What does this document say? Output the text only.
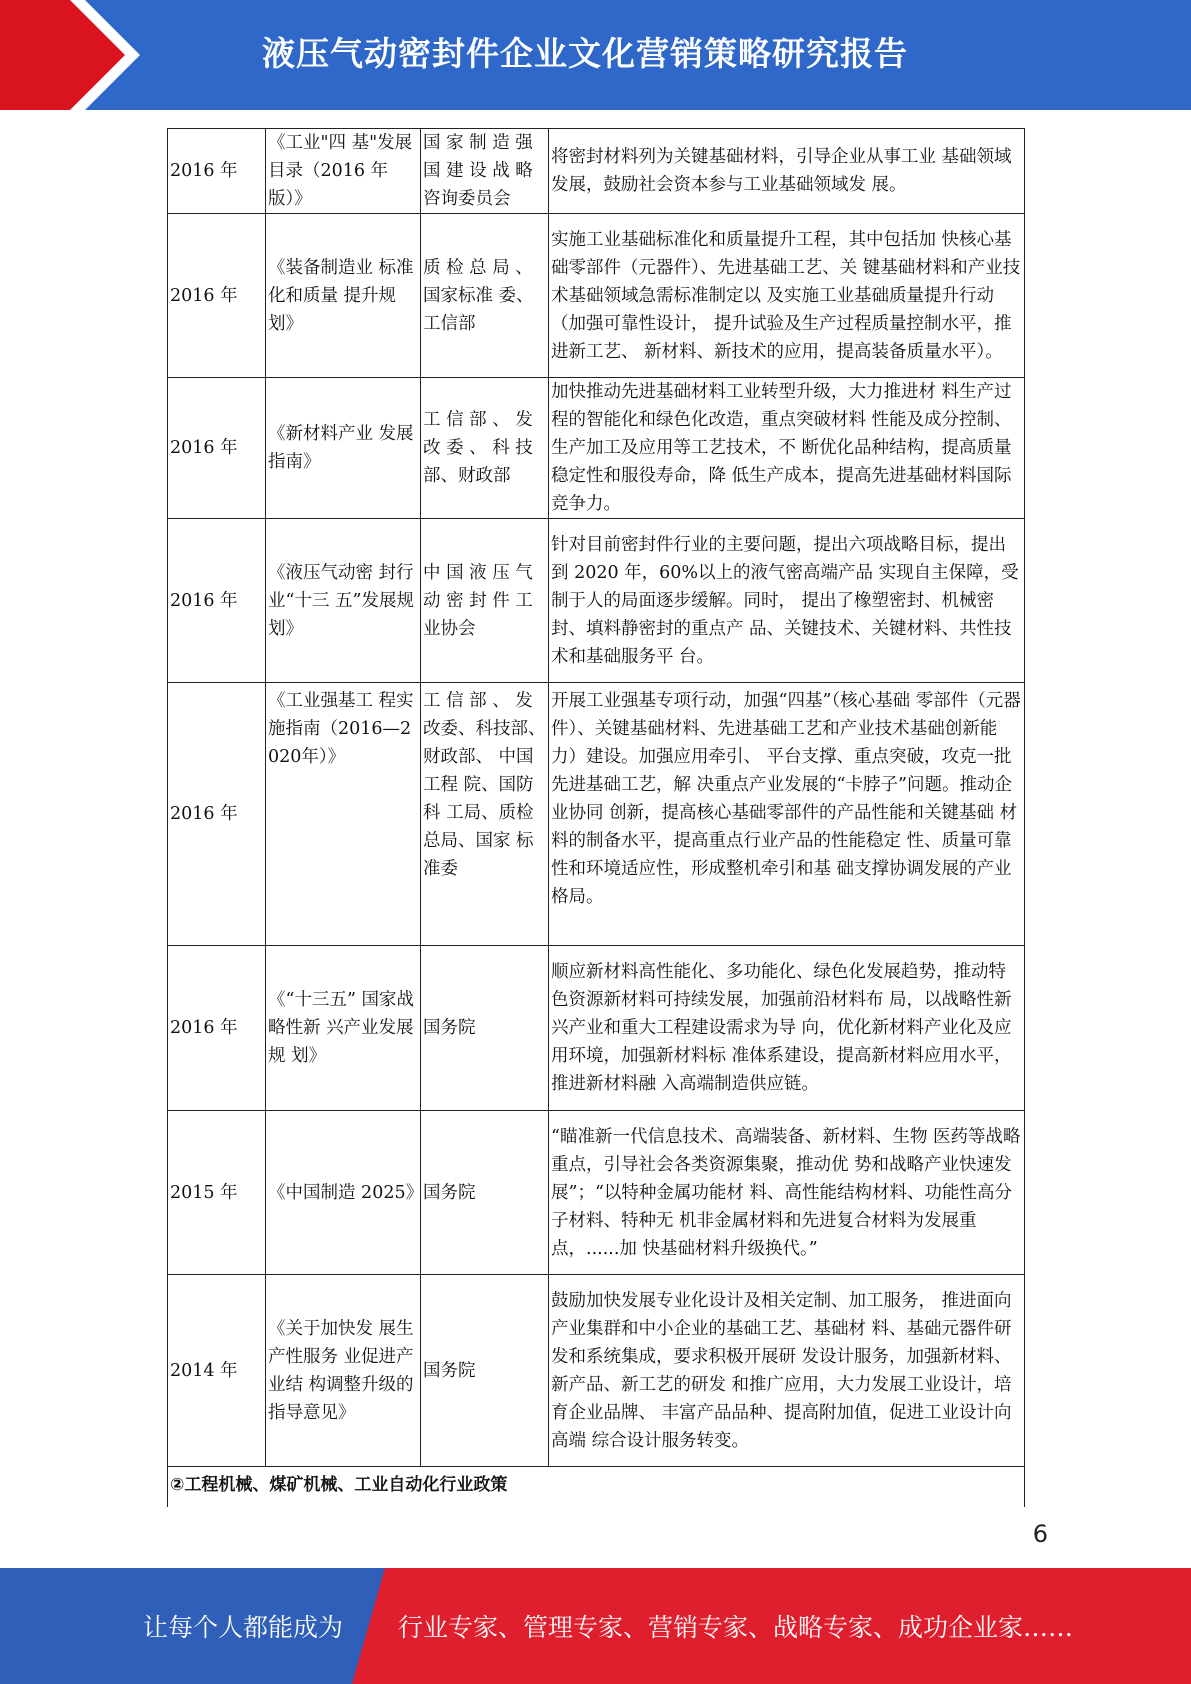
液压气动密封件企业文化营销策略研究报告
2016 年	《工业"四 基"发展目录（2016 年版）》	国 家 制 造 强 国 建 设 战 略 咨询委员会	将密封材料列为关键基础材料，引导企业从事工业 基础领域发展，鼓励社会资本参与工业基础领域发 展。
2016 年	《装备制造业 标准化和质量 提升规划》	质 检 总 局 、 国家标准 委、 工信部	实施工业基础标准化和质量提升工程，其中包括加 快核心基础零部件（元器件）、先进基础工艺、关 键基础材料和产业技术基础领域急需标准制定以 及实施工业基础质量提升行动（加强可靠性设计， 提升试验及生产过程质量控制水平，推进新工艺、 新材料、新技术的应用，提高装备质量水平）。
2016 年	《新材料产业 发展指南》	工 信 部 、 发 改 委 、 科 技 部、财政部	加快推动先进基础材料工业转型升级，大力推进材 料生产过程的智能化和绿色化改造，重点突破材料 性能及成分控制、生产加工及应用等工艺技术，不 断优化品种结构，提高质量稳定性和服役寿命，降 低生产成本，提高先进基础材料国际竞争力。
2016 年	《液压气动密 封行业“十三 五”发展规 划》	中 国 液 压 气 动 密 封 件 工 业协会	针对目前密封件行业的主要问题，提出六项战略目标，提出到 2020 年，60%以上的液气密高端产品 实现自主保障，受制于人的局面逐步缓解。同时， 提出了橡塑密封、机械密封、填料静密封的重点产 品、关键技术、关键材料、共性技术和基础服务平 台。
2016 年	《工业强基工 程实施指南（2016—2020年）》	工 信 部 、 发 改委、科技部、 财政部、 中国工程 院、国防科 工局、质检 总局、国家 标准委	开展工业强基专项行动，加强“四基”（核心基础 零部件（元器件）、关键基础材料、先进基础工艺和产业技术基础创新能力）建设。加强应用牵引、 平台支撑、重点突破，攻克一批先进基础工艺，解 决重点产业发展的“卡脖子”问题。推动企业协同 创新，提高核心基础零部件的产品性能和关键基础 材料的制备水平，提高重点行业产品的性能稳定 性、质量可靠性和环境适应性，形成整机牵引和基 础支撑协调发展的产业格局。
2016 年	《“十三五” 国家战略性新 兴产业发展规 划》	国务院	顺应新材料高性能化、多功能化、绿色化发展趋势，推动特色资源新材料可持续发展，加强前沿材料布 局，以战略性新兴产业和重大工程建设需求为导 向，优化新材料产业化及应用环境，加强新材料标 准体系建设，提高新材料应用水平，推进新材料融 入高端制造供应链。
2015 年	《中国制造 2025》	国务院	“瞄准新一代信息技术、高端装备、新材料、生物 医药等战略重点，引导社会各类资源集聚，推动优 势和战略产业快速发展”；“以特种金属功能材 料、高性能结构材料、功能性高分子材料、特种无 机非金属材料和先进复合材料为发展重点，......加 快基础材料升级换代。”
2014 年	《关于加快发 展生产性服务 业促进产业结 构调整升级的 指导意见》	国务院	鼓励加快发展专业化设计及相关定制、加工服务， 推进面向产业集群和中小企业的基础工艺、基础材 料、基础元器件研发和系统集成，要求积极开展研 发设计服务，加强新材料、新产品、新工艺的研发 和推广应用，大力发展工业设计，培育企业品牌、 丰富产品品种、提高附加值，促进工业设计向高端 综合设计服务转变。
②工程机械、煤矿机械、工业自动化行业政策			
6
让每个人都能成为 行业专家、管理专家、营销专家、战略专家、成功企业家……
